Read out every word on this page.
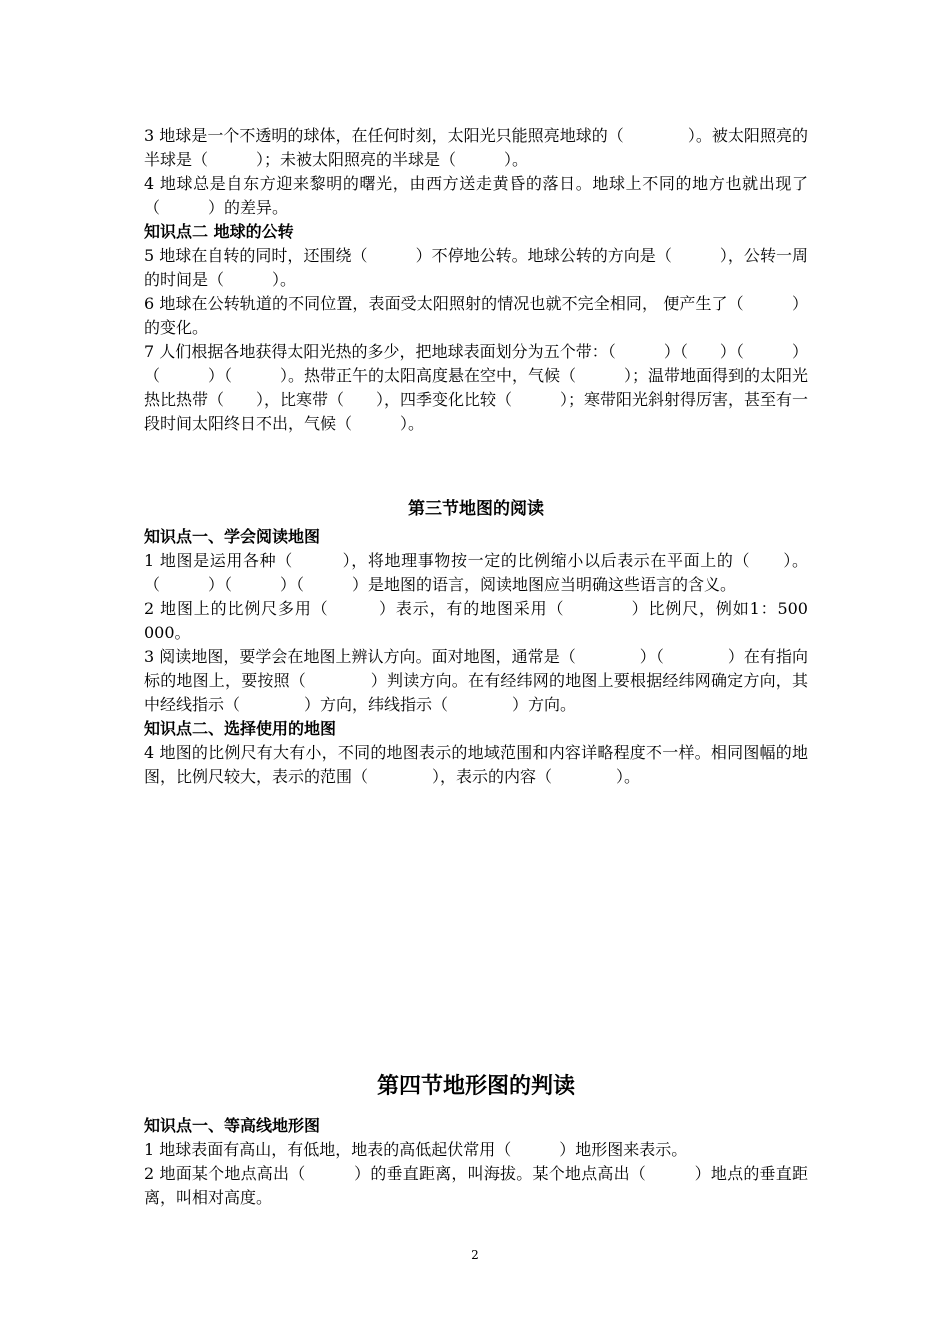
3 地球是一个不透明的球体，在任何时刻，太阳光只能照亮地球的（　　　　）。被太阳照亮的半球是（　　　）；未被太阳照亮的半球是（　　　）。

4 地球总是自东方迎来黎明的曙光，由西方送走黄昏的落日。地球上不同的地方也就出现了（　　　）的差异。

知识点二 地球的公转

5 地球在自转的同时，还围绕（　　　）不停地公转。地球公转的方向是（　　　），公转一周的时间是（　　　）。

6 地球在公转轨道的不同位置，表面受太阳照射的情况也就不完全相同， 便产生了（　　　）的变化。

7 人们根据各地获得太阳光热的多少，把地球表面划分为五个带：（　　　）（　　）（　　　）（　　　）（　　　）。热带正午的太阳高度悬在空中，气候（　　　）；温带地面得到的太阳光热比热带（　　），比寒带（　　），四季变化比较（　　　）；寒带阳光斜射得厉害，甚至有一段时间太阳终日不出，气候（　　　）。

第三节地图的阅读

知识点一、学会阅读地图

1 地图是运用各种（　　　），将地理事物按一定的比例缩小以后表示在平面上的（　　）。（　　　）（　　　）（　　　）是地图的语言，阅读地图应当明确这些语言的含义。

2 地图上的比例尺多用（　　　）表示，有的地图采用（　　　　）比例尺，例如1：500 000。

3 阅读地图，要学会在地图上辨认方向。面对地图，通常是（　　　　）（　　　　）在有指向标的地图上，要按照（　　　　）判读方向。在有经纬网的地图上要根据经纬网确定方向，其中经线指示（　　　　）方向，纬线指示（　　　　）方向。

知识点二、选择使用的地图

4 地图的比例尺有大有小，不同的地图表示的地域范围和内容详略程度不一样。相同图幅的地图，比例尺较大，表示的范围（　　　　），表示的内容（　　　　）。

第四节地形图的判读

知识点一、等高线地形图

1 地球表面有高山，有低地，地表的高低起伏常用（　　　）地形图来表示。

2 地面某个地点高出（　　　）的垂直距离，叫海拔。某个地点高出（　　　）地点的垂直距离，叫相对高度。

2
